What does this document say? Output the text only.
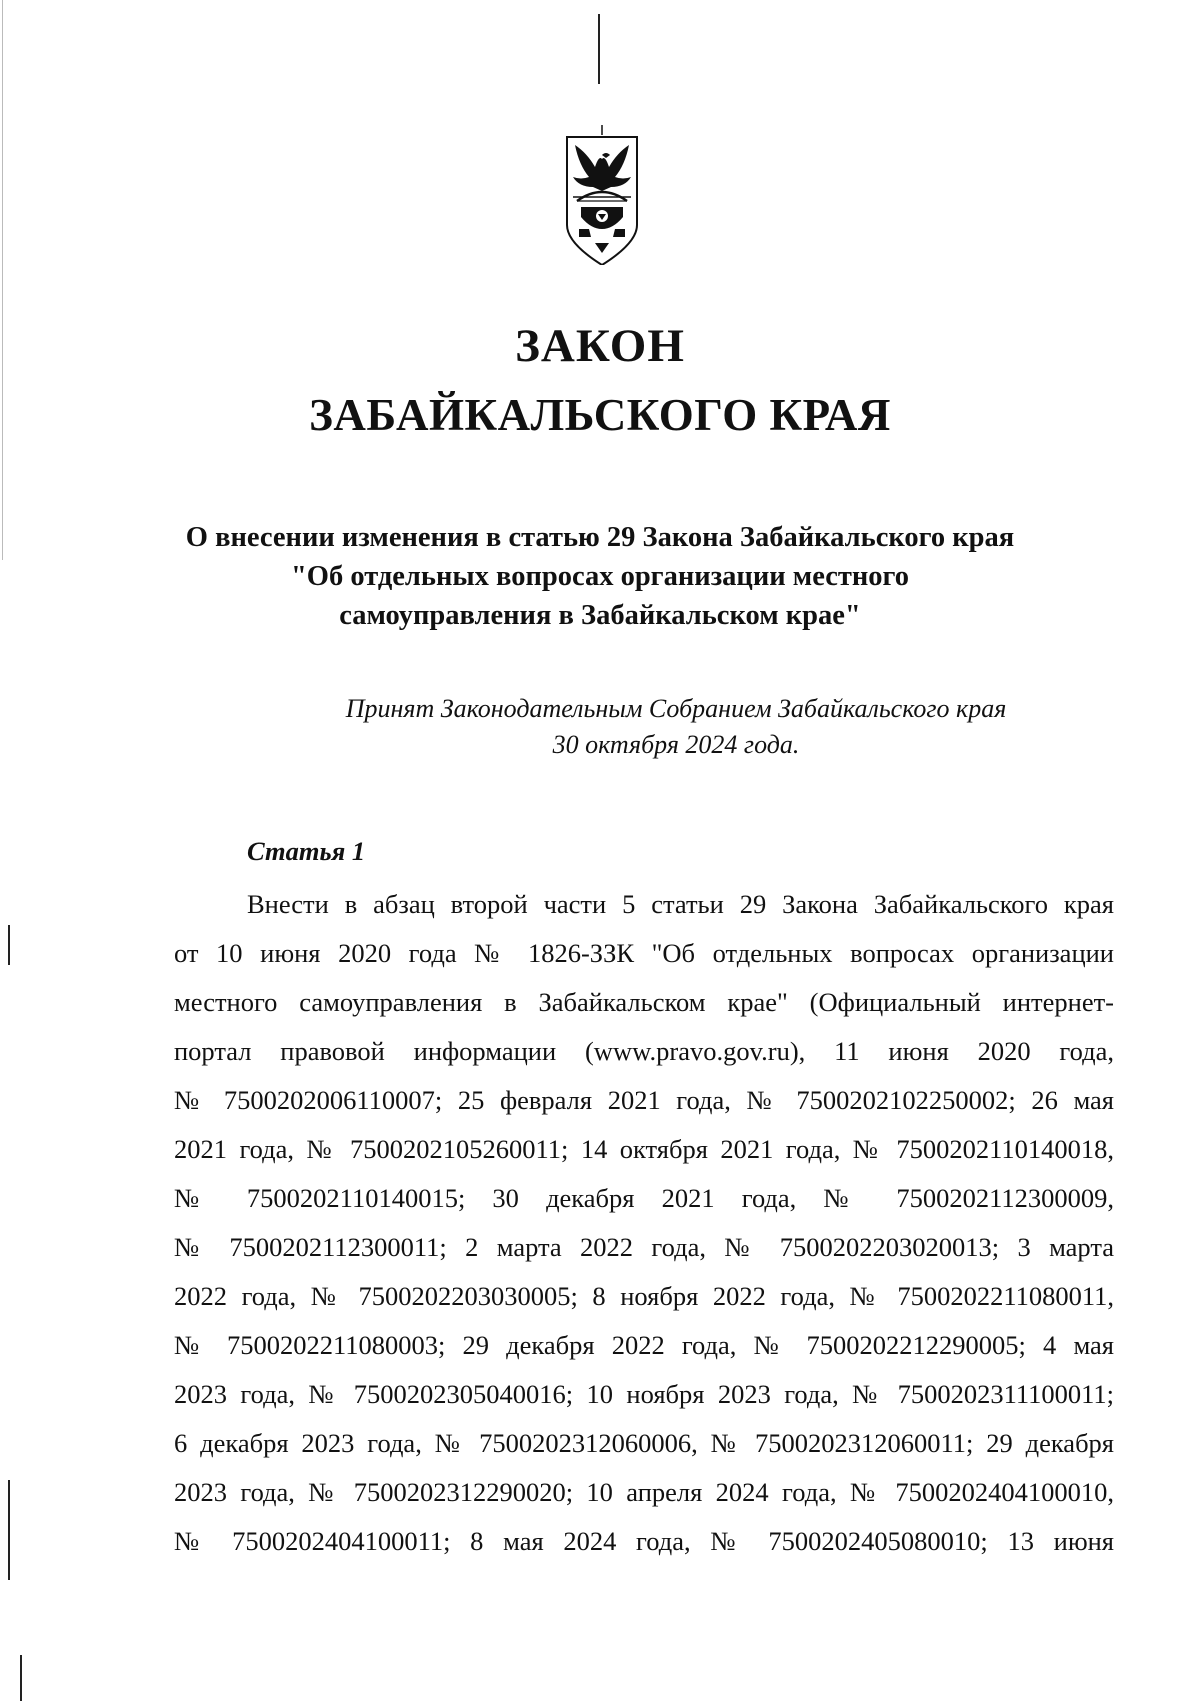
ЗАКОН
ЗАБАЙКАЛЬСКОГО КРАЯ
О внесении изменения в статью 29 Закона Забайкальского края
"Об отдельных вопросах организации местного
самоуправления в Забайкальском крае"
Принят Законодательным Собранием Забайкальского края
30 октября 2024 года.
Статья 1
Внести в абзац второй части 5 статьи 29 Закона Забайкальского края
от 10 июня 2020 года № 1826-ЗЗК "Об отдельных вопросах организации
местного самоуправления в Забайкальском крае" (Официальный интернет-
портал правовой информации (www.pravo.gov.ru), 11 июня 2020 года,
№ 7500202006110007; 25 февраля 2021 года, № 7500202102250002; 26 мая
2021 года, № 7500202105260011; 14 октября 2021 года, № 7500202110140018,
№ 7500202110140015; 30 декабря 2021 года, № 7500202112300009,
№ 7500202112300011; 2 марта 2022 года, № 7500202203020013; 3 марта
2022 года, № 7500202203030005; 8 ноября 2022 года, № 7500202211080011,
№ 7500202211080003; 29 декабря 2022 года, № 7500202212290005; 4 мая
2023 года, № 7500202305040016; 10 ноября 2023 года, № 7500202311100011;
6 декабря 2023 года, № 7500202312060006, № 7500202312060011; 29 декабря
2023 года, № 7500202312290020; 10 апреля 2024 года, № 7500202404100010,
№ 7500202404100011; 8 мая 2024 года, № 7500202405080010; 13 июня
